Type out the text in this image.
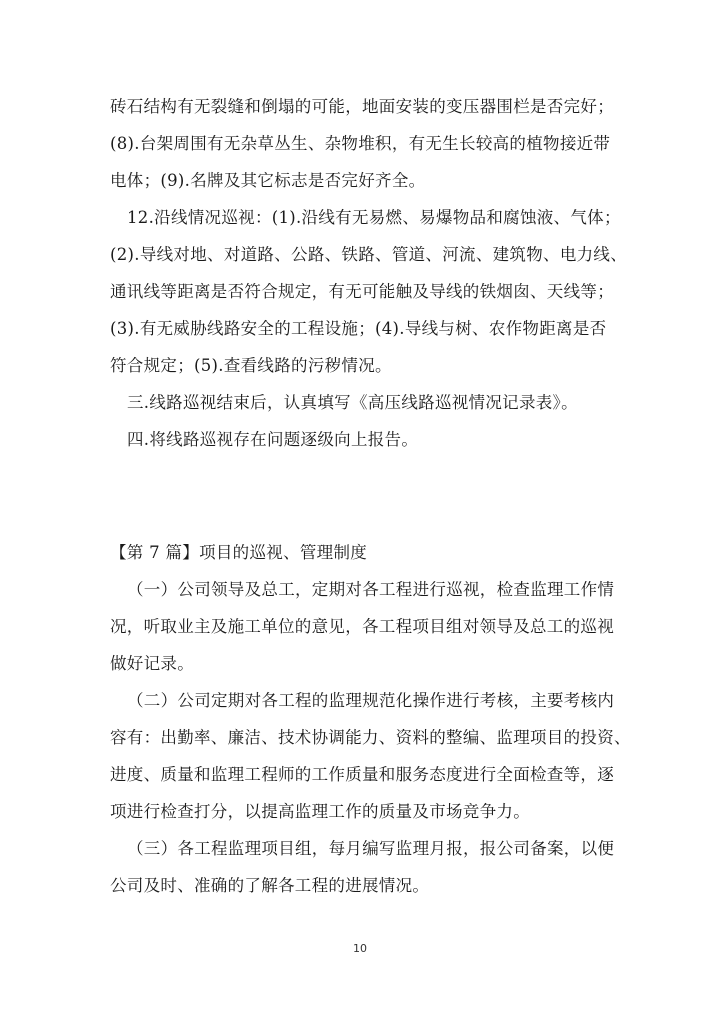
砖石结构有无裂缝和倒塌的可能，地面安装的变压器围栏是否完好；
(8).台架周围有无杂草丛生、杂物堆积，有无生长较高的植物接近带
电体；(9).名牌及其它标志是否完好齐全。
12.沿线情况巡视：(1).沿线有无易燃、易爆物品和腐蚀液、气体；
(2).导线对地、对道路、公路、铁路、管道、河流、建筑物、电力线、
通讯线等距离是否符合规定，有无可能触及导线的铁烟囱、天线等；
(3).有无威胁线路安全的工程设施；(4).导线与树、农作物距离是否
符合规定；(5).查看线路的污秽情况。
三.线路巡视结束后，认真填写《高压线路巡视情况记录表》。
四.将线路巡视存在问题逐级向上报告。
【第 7 篇】项目的巡视、管理制度
（一）公司领导及总工，定期对各工程进行巡视，检查监理工作情
况，听取业主及施工单位的意见，各工程项目组对领导及总工的巡视
做好记录。
（二）公司定期对各工程的监理规范化操作进行考核，主要考核内
容有：出勤率、廉洁、技术协调能力、资料的整编、监理项目的投资、
进度、质量和监理工程师的工作质量和服务态度进行全面检查等，逐
项进行检查打分，以提高监理工作的质量及市场竞争力。
（三）各工程监理项目组，每月编写监理月报，报公司备案，以便
公司及时、准确的了解各工程的进展情况。
10
